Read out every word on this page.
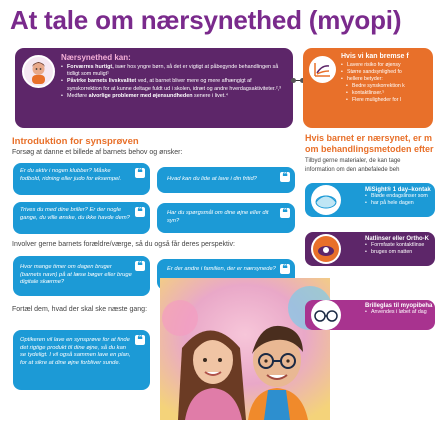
At tale om nærsynethed (myopi)
Nærsynethed kan:
• Forværres hurtigt, især hos yngre børn, så det er vigtigt at påbegynde behandlingen så tidligt som muligt¹
• Påvirke barnets livskvalitet ved, at barnet bliver mere og mere afhængigt af synskorrektion for at kunne deltage fuldt ud i skolen, idræt og andre hverdagsaktiviteter.²,³
• Medføre alvorlige problemer med øjensundheden senere i livet.⁴
Hvis vi kan bremse f
• Lavere risiko for øjensy
• Større sandsynlighed fo
• hellere betyder:
• Bedre synskorrektion k
• kontaktlinser.⁵
• Flere muligheder for l
Introduktion for synsprøven
Forsøg at danne et billede af barnets behov og ønsker:
Er du aktiv i nogen klubber? Måske fodbold, ridning eller judo for eksempel. ❝	Hvad kan du lide at lave i din fritid?	❝
Trives du med dine briller? Er der nogle gange, du ville ønske, du ikke havde dem? ❝	Har du spørgsmål om dine øjne eller dit syn?
❝
Involver gerne barnets forældre/værge, så du også får deres perspektiv:
Hvor mange timer om dagen bruger (barnets navn) på at læse bøger eller bruge digitale skærme?
❝	Er der andre i familien, der er nærsynede? ❝
Fortæl dem, hvad der skal ske næste gang:
Optikeren vil lave en synsprøve for at finde det rigtige produkt til dine øjne, så du kan se tydeligt. I vil også sammen lave en plan, for at sikre at dine øjne forbliver sunde.
❝
Hvis barnet er nærsynet, er m
om behandlingsmetoden efter
Tilbyd gerne materialer, de kan tage
information om den anbefalede beh
MiSight® 1 day–kontak
• Bløde endagslinser som
• har på hele dagen
Natlinser eller Ortho-K
• Formfaste kontaktlinse
• bruges om natten
Brilleglas til myopibeha
• Anvendes i løbet af dag
